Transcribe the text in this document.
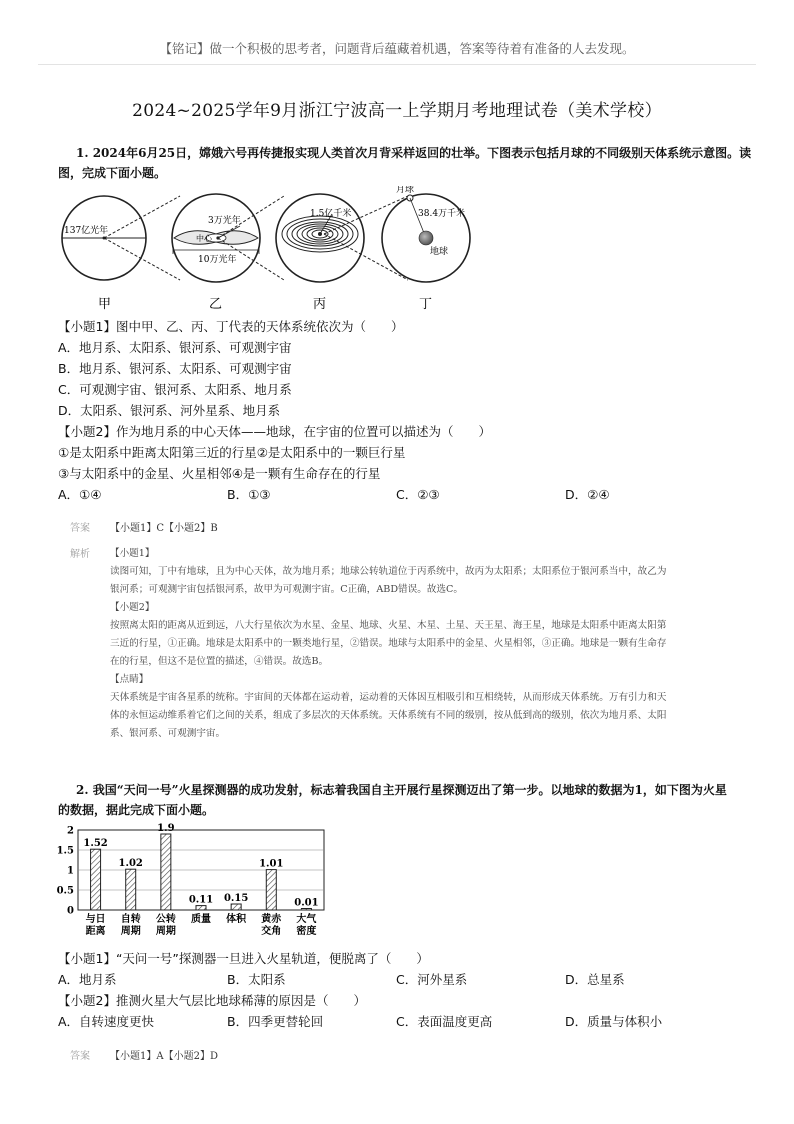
【铭记】做一个积极的思考者，问题背后蕴藏着机遇，答案等待着有准备的人去发现。
2024~2025学年9月浙江宁波高一上学期月考地理试卷（美术学校）
1. 2024年6月25日，嫦娥六号再传捷报实现人类首次月背采样返回的壮举。下图表示包括月球的不同级别天体系统示意图。读
图，完成下面小题。
137亿光年
3万光年
中心
10万光年
1.5亿千米
月球
38.4万千米
地球
甲	乙	丙	丁
【小题1】图中甲、乙、丙、丁代表的天体系统依次为（　　）
A．地月系、太阳系、银河系、可观测宇宙
B．地月系、银河系、太阳系、可观测宇宙
C．可观测宇宙、银河系、太阳系、地月系
D．太阳系、银河系、河外星系、地月系
【小题2】作为地月系的中心天体——地球，在宇宙的位置可以描述为（　　）
①是太阳系中距离太阳第三近的行星②是太阳系中的一颗巨行星
③与太阳系中的金星、火星相邻④是一颗有生命存在的行星
A．①④	B．①③	C．②③	D．②④
答案 【小题1】C【小题2】B
解析 【小题1】
读图可知，丁中有地球，且为中心天体，故为地月系；地球公转轨道位于丙系统中，故丙为太阳系；太阳系位于银河系当中，故乙为
银河系；可观测宇宙包括银河系，故甲为可观测宇宙。C正确，ABD错误。故选C。
【小题2】
按照离太阳的距离从近到远，八大行星依次为水星、金星、地球、火星、木星、土星、天王星、海王星，地球是太阳系中距离太阳第
三近的行星，①正确。地球是太阳系中的一颗类地行星，②错误。地球与太阳系中的金星、火星相邻，③正确。地球是一颗有生命存
在的行星，但这不是位置的描述，④错误。故选B。
【点睛】
天体系统是宇宙各星系的统称。宇宙间的天体都在运动着，运动着的天体因互相吸引和互相绕转，从而形成天体系统。万有引力和天
体的永恒运动维系着它们之间的关系，组成了多层次的天体系统。天体系统有不同的级别，按从低到高的级别，依次为地月系、太阳
系、银河系、可观测宇宙。
2. 我国“天问一号”火星探测器的成功发射，标志着我国自主开展行星探测迈出了第一步。以地球的数据为1，如下图为火星
的数据，据此完成下面小题。
0
0.5
1
1.5
2
1.52
与日
距离
1.02
自转
周期
1.9
公转
周期
0.11
质量
0.15
体积
1.01
黄赤
交角
0.01
大气
密度
【小题1】“天问一号”探测器一旦进入火星轨道，便脱离了（　　）
A．地月系	B．太阳系	C．河外星系	D．总星系
【小题2】推测火星大气层比地球稀薄的原因是（　　）
A．自转速度更快	B．四季更替轮回	C．表面温度更高	D．质量与体积小
答案 【小题1】A【小题2】D
